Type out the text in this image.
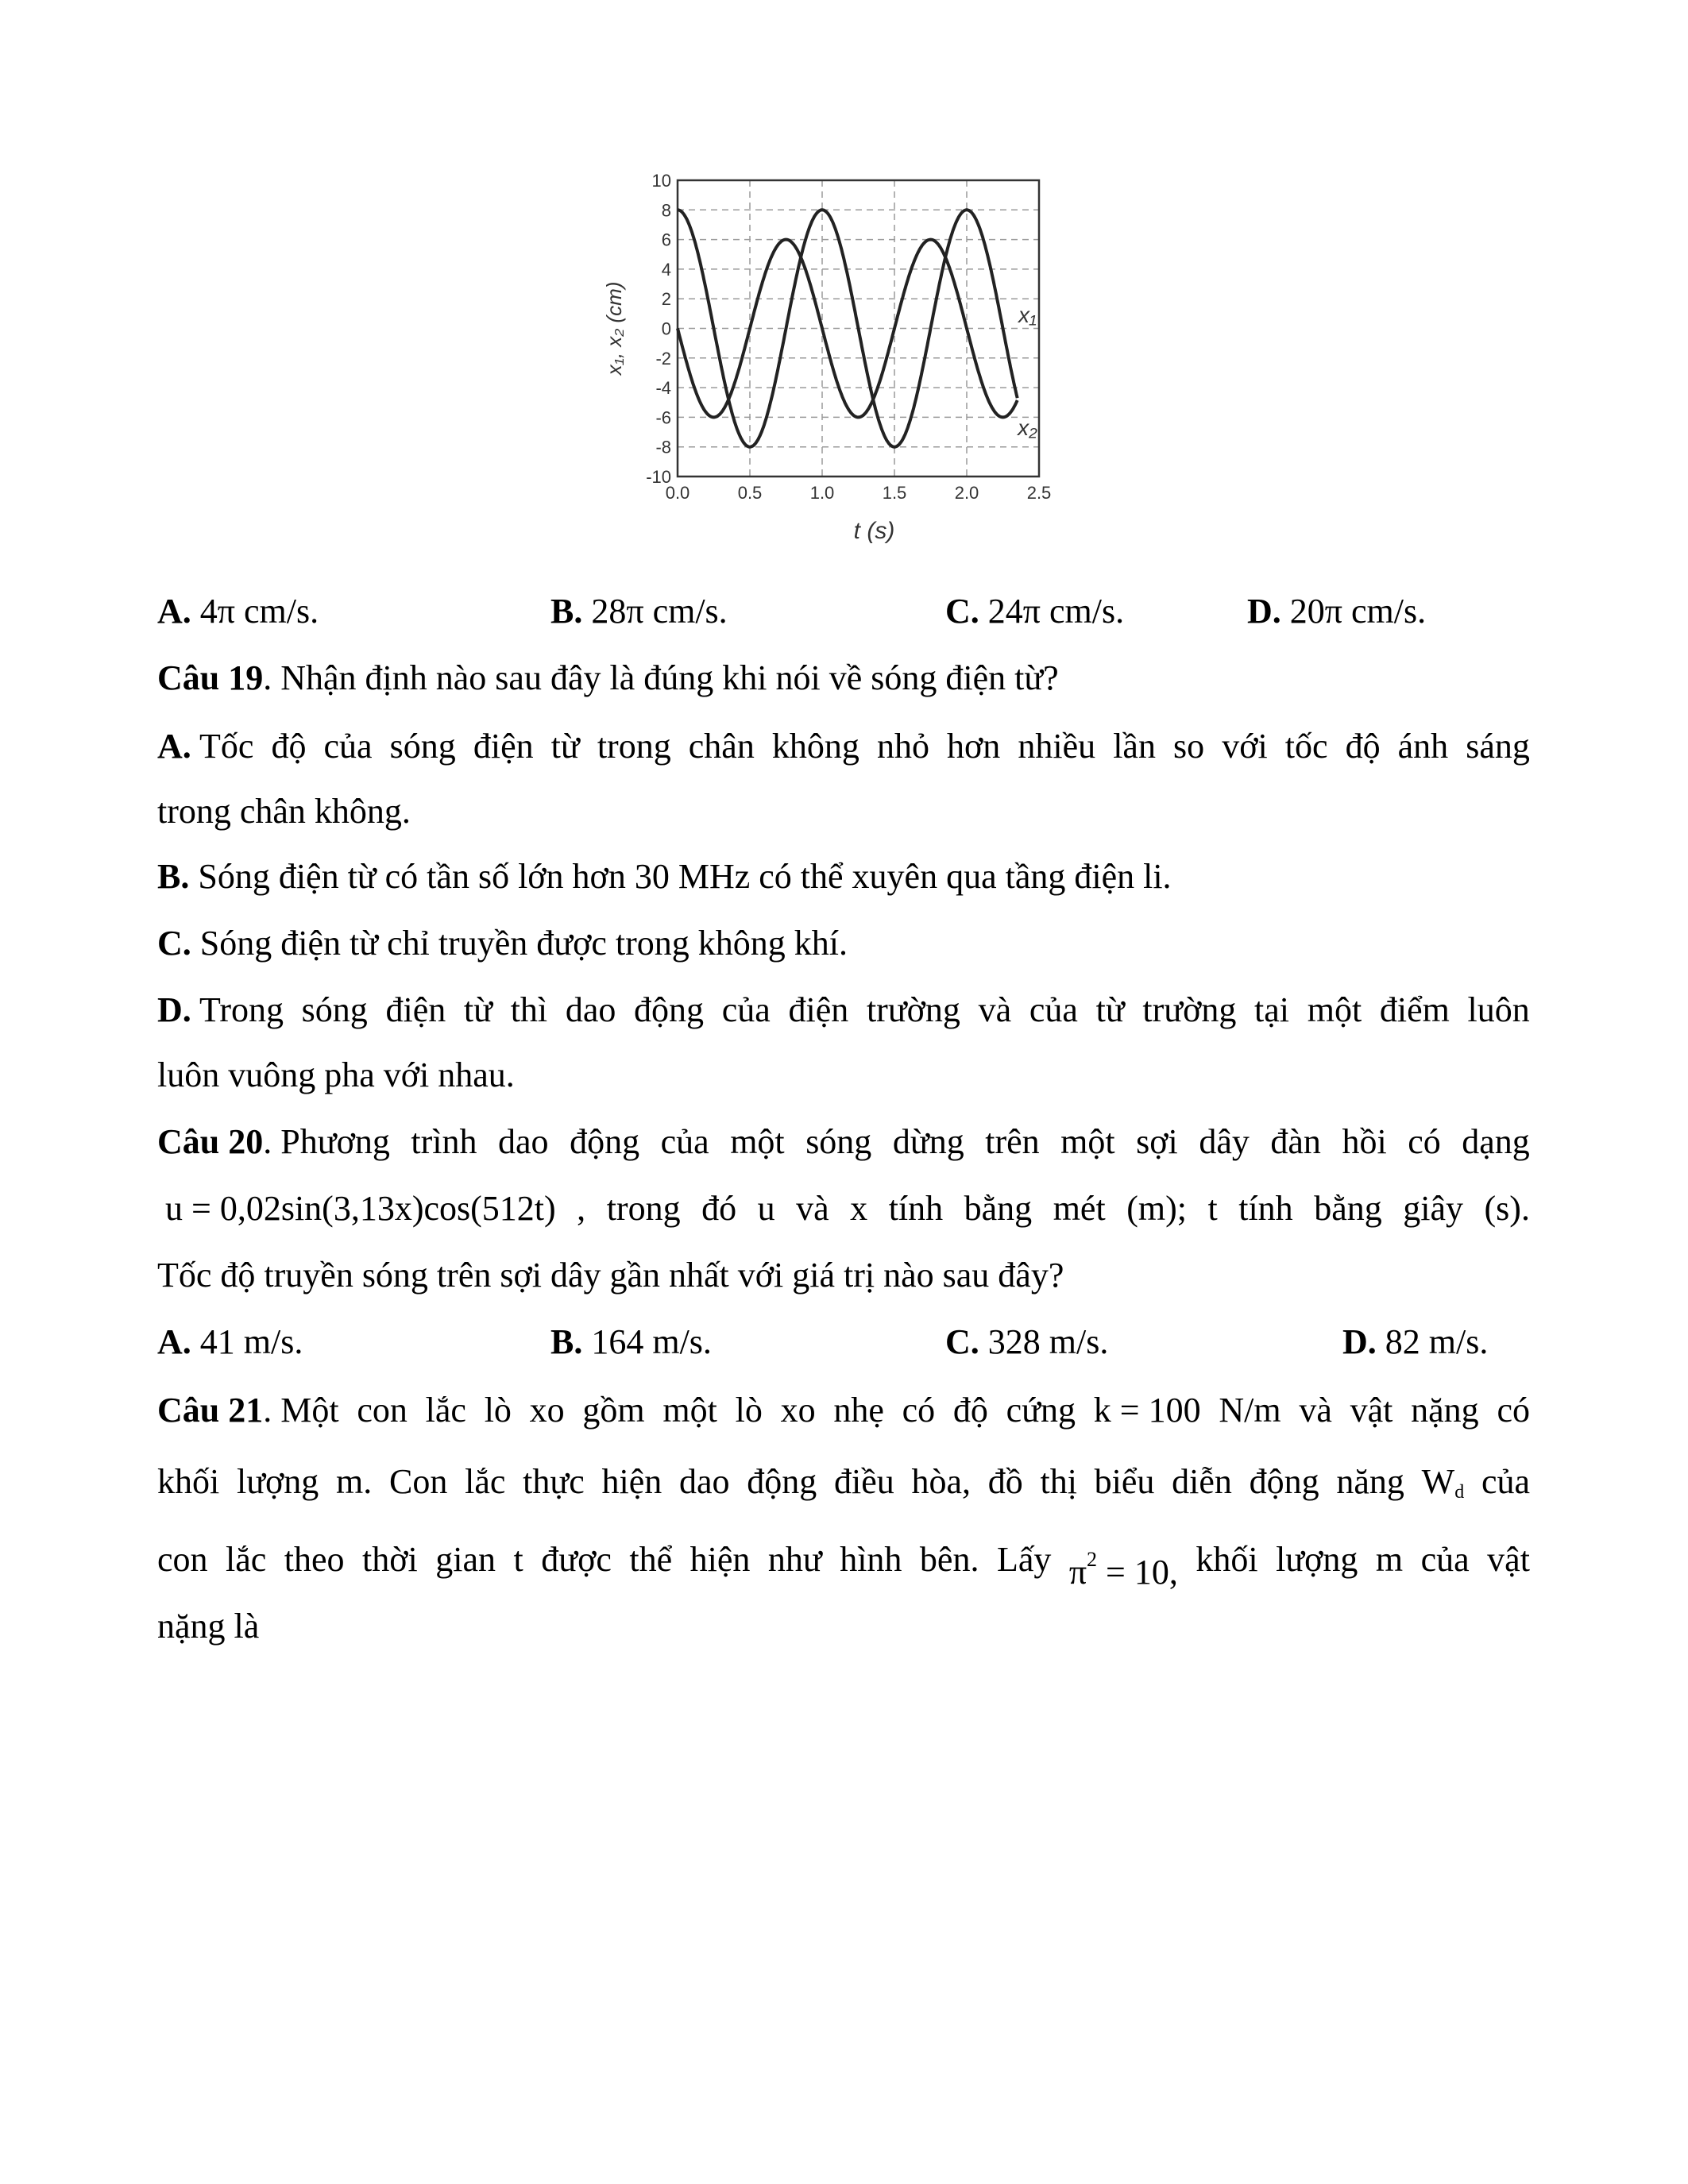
10
8
6
4
2
0
-2
-4
-6
-8
-10
0.0	0.5	1.0	1.5	2.0	2.5
t (s)
x₁, x₂ (cm)	x₁
x₂
A. 4π cm/s.	B. 28π cm/s.	C. 24π cm/s.	D. 20π cm/s.
Câu 19. Nhận định nào sau đây là đúng khi nói về sóng điện từ?
A. Tốc độ của sóng điện từ trong chân không nhỏ hơn nhiều lần so với tốc độ ánh sáng
trong chân không.
B. Sóng điện từ có tần số lớn hơn 30 MHz có thể xuyên qua tầng điện li.
C. Sóng điện từ chỉ truyền được trong không khí.
D. Trong sóng điện từ thì dao động của điện trường và của từ trường tại một điểm luôn
luôn vuông pha với nhau.
Câu 20. Phương trình dao động của một sóng dừng trên một sợi dây đàn hồi có dạng
u = 0,02sin(3,13x)cos(512t) , trong đó u và x tính bằng mét (m); t tính bằng giây (s).
Tốc độ truyền sóng trên sợi dây gần nhất với giá trị nào sau đây?
A. 41 m/s.	B. 164 m/s.	C. 328 m/s.	D. 82 m/s.
Câu 21. Một con lắc lò xo gồm một lò xo nhẹ có độ cứng k = 100 N/m và vật nặng có
khối lượng m. Con lắc thực hiện dao động điều hòa, đồ thị biểu diễn động năng $W_d$ của
con lắc theo thời gian t được thể hiện như hình bên. Lấy $\pi^2 = 10$, khối lượng m của vật
nặng là
